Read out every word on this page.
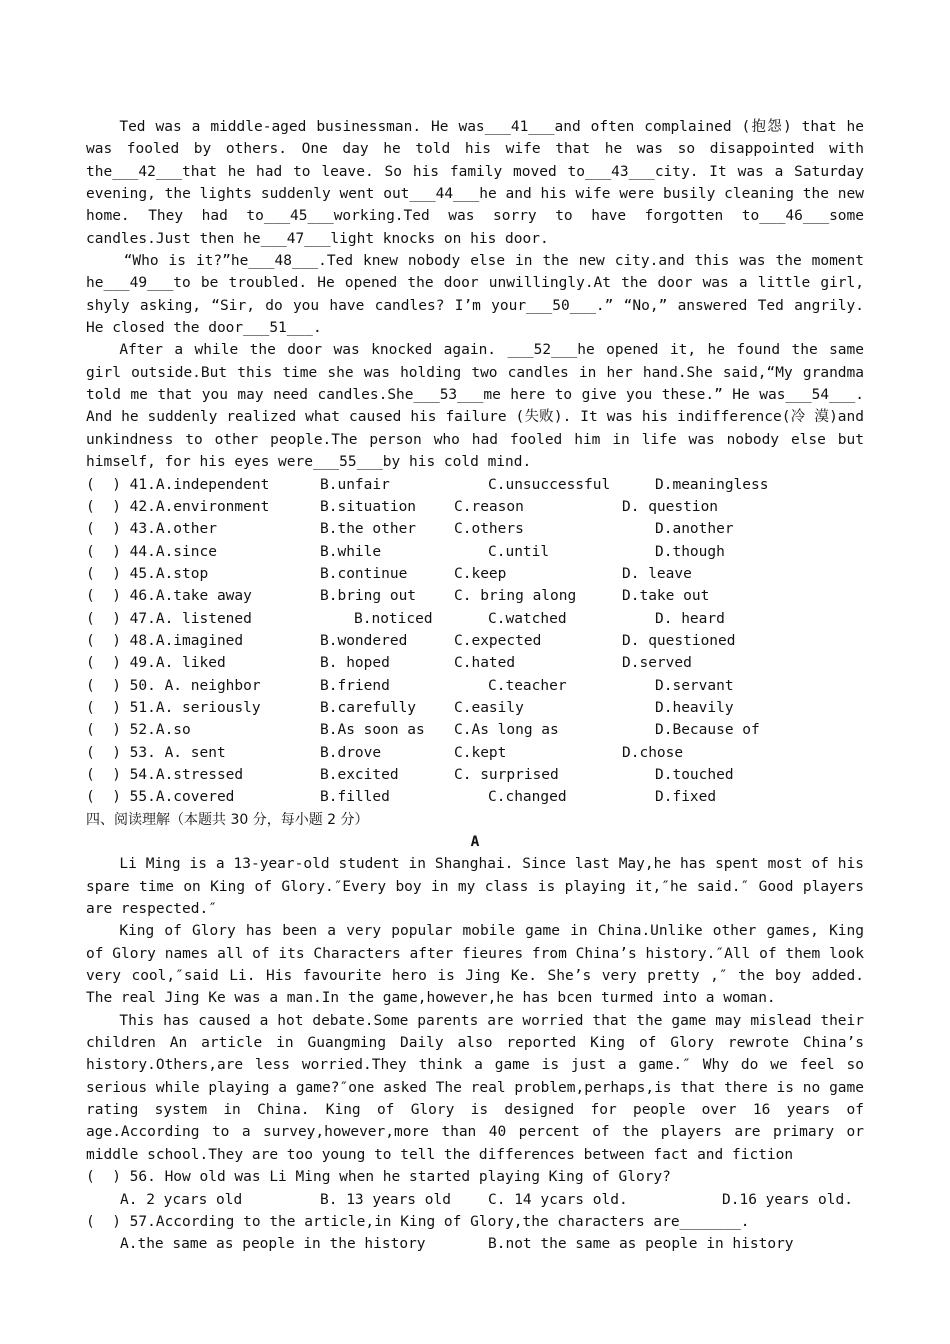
Ted was a middle-aged businessman. He was___41___and often complained (抱怨) that he was fooled by others. One day he told his wife that he was so disappointed with the___42___that he had to leave. So his family moved to___43___city. It was a Saturday evening, the lights suddenly went out___44___he and his wife were busily cleaning the new home. They had to___45___working.Ted was sorry to have forgotten to___46___some candles.Just then he___47___light knocks on his door.

“Who is it?”he___48___.Ted knew nobody else in the new city.and this was the moment he___49___to be troubled. He opened the door unwillingly.At the door was a little girl, shyly asking, “Sir, do you have candles? I’m your___50___.” “No,” answered Ted angrily. He closed the door___51___.

After a while the door was knocked again. ___52___he opened it, he found the same girl outside.But this time she was holding two candles in her hand.She said,“My grandma told me that you may need candles.She___53___me here to give you these.” He was___54___. And he suddenly realized what caused his failure (失败). It was his indifference(冷 漠)and unkindness to other people.The person who had fooled him in life was nobody else but himself, for his eyes were___55___by his cold mind.

(  ) 41.A.independent

	B.unfair

	C.unsuccessful

	D.meaningless

(  ) 42.A.environment

	B.situation

	C.reason

	D. question

(  ) 43.A.other

	B.the other

	C.others

	D.another

(  ) 44.A.since

	B.while

	C.until

	D.though

(  ) 45.A.stop

	B.continue

	C.keep

	D. leave

(  ) 46.A.take away

	B.bring out

	C. bring along

	D.take out

(  ) 47.A. listened

	B.noticed

	C.watched

	D. heard

(  ) 48.A.imagined

	B.wondered

	C.expected

	D. questioned

(  ) 49.A. liked

	B. hoped

	C.hated

	D.served

(  ) 50. A. neighbor

	B.friend

	C.teacher

	D.servant

(  ) 51.A. seriously

	B.carefully

	C.easily

	D.heavily

(  ) 52.A.so

	B.As soon as

C.As long as

	D.Because of

(  ) 53. A. sent

	B.drove

	C.kept

	D.chose

(  ) 54.A.stressed

	B.excited

	C. surprised

	D.touched

(  ) 55.A.covered

	B.filled

	C.changed

	D.fixed

四、阅读理解（本题共 30 分，每小题 2 分）

A

Li Ming is a 13-year-old student in Shanghai. Since last May,he has spent most of his spare time on King of Glory.″Every boy in my class is playing it,″he said.″ Good players are respected.″

King of Glory has been a very popular mobile game in China.Unlike other games, King of Glory names all of its Characters after fieures from China’s history.″All of them look very cool,″said Li. His favourite hero is Jing Ke. She’s very pretty ,″ the boy added. The real Jing Ke was a man.In the game,however,he has bcen turmed into a woman.

This has caused a hot debate.Some parents are worried that the game may mislead their children An article in Guangming Daily also reported King of Glory rewrote China’s history.Others,are less worried.They think a game is just a game.″ Why do we feel so serious while playing a game?″one asked The real problem,perhaps,is that there is no game rating system in China. King of Glory is designed for people over 16 years of age.According to a survey,however,more than 40 percent of the players are primary or middle school.They are too young to tell the differences between fact and fiction

(  ) 56. How old was Li Ming when he started playing King of Glory?
A. 2 ycars old	B. 13 years old	C. 14 ycars old.	D.16 years old.
(  ) 57.According to the article,in King of Glory,the characters are_______.
A.the same as people in the history	B.not the same as people in history
